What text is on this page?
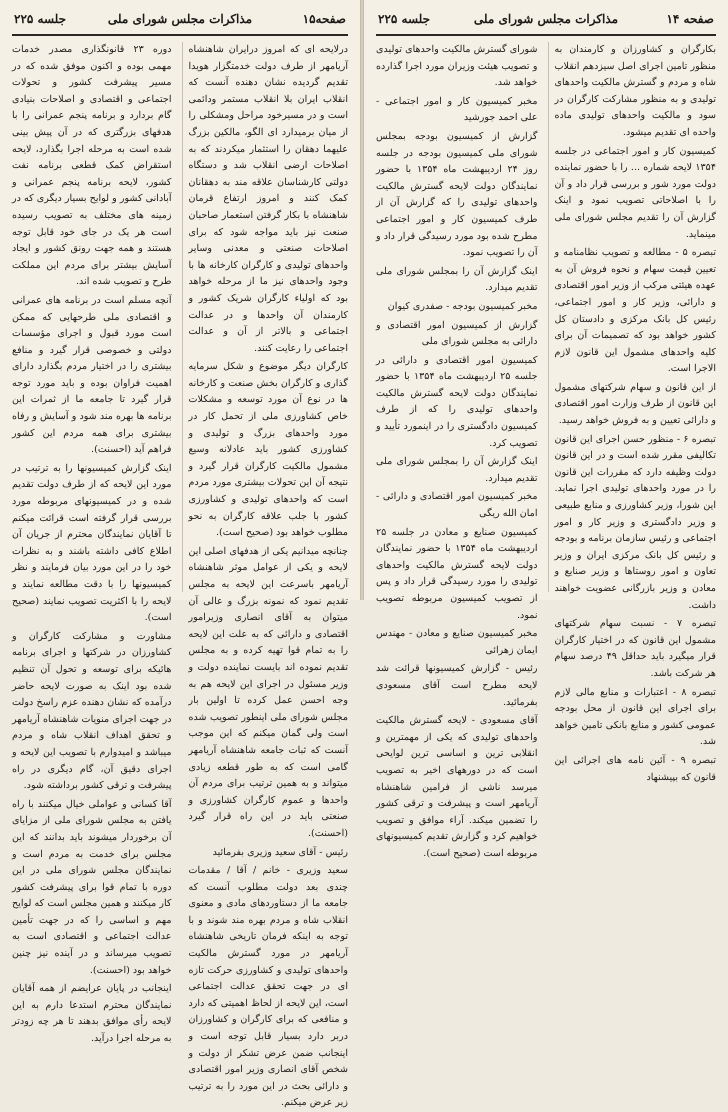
صفحه۱۵
مذاکرات مجلس شورای ملی
جلسه ۲۲۵

درلایحه ای که امروز درایران شاهنشاه آریامهر از طرف دولت خدمتگزار هویدا تقدیم گردیده نشان دهنده آنست که انقلاب ایران بلا انقلاب مستمر ودائمی است و در مسیرخود مراحل ومشکلی را از میان برمیدارد ای الگو، مالکین بزرگ علیهما دهقان را استثمار میکردند که به اصلاحات ارضی انقلاب شد و دستگاه دولتی کارشناسان علاقه مند به دهقانان کمک کنند و امروز ارتفاع قرمان شاهنشاه با بکار گرفتن استعمار صاحبان صنعت نیز باید مواجه شود که برای اصلاحات صنعتی و معدنی وسایر واحدهای تولیدی و کارگران کارخانه ها با وجود واحدهای نیز ما از مرحله خواهد بود که اولیاء کارگران شریک کشور و کارمندان آن واحدها و در عدالت اجتماعی و بالاتر از آن و عدالت اجتماعی را رعایت کنند.

کارگران دیگر موضوع و شکل سرمایه گذاری و کارگران بخش صنعت و کارخانه ها در نوع آن مورد توسعه و مشکلات خاص کشاورزی ملی از تحمل کار در مورد واحدهای بزرگ و تولیدی و کشاورزی کشور باید عادلانه وسیع مشمول مالکیت کارگران قرار گیرد و نتیجه آن این تحولات بیشتری مورد مردم است که واحدهای تولیدی و کشاورزی کشور با جلب علاقه کارگران به نحو مطلوب خواهد بود (صحیح است).

چنانچه میدانیم یکی از هدفهای اصلی این لایحه و یکی از عوامل موثر شاهنشاه آریامهر باسرعت این لایحه به مجلس تقدیم نمود که نمونه بزرگ و عالی آن میتوان به آقای انصاری وزیرامور اقتصادی و دارائی که به علت این لایحه را به تمام قوا تهیه کرده و به مجلس تقدیم نموده اند بایست نماینده دولت و وزیر مسئول در اجرای این لایحه هم به وجه احسن عمل کرده تا اولین بار مجلس شورای ملی اینطور تصویب شده است ولی گمان میکنم که این موجب آنست که ثبات جامعه شاهنشاه آریامهر گامی است که به طور قطعه زیادی میتواند و به همین ترتیب برای مردم آن واحدها و عموم کارگران کشاورزی و صنعتی باید در این راه قرار گیرد (احسنت).

رئیس - آقای سعید وزیری بفرمائید

سعید وزیری - خانم / آقا / مقدمات چندی بعد دولت مطلوب آنست که جامعه ما از دستاوردهای مادی و معنوی انقلاب شاه و مردم بهره مند شوند و با توجه به اینکه فرمان تاریخی شاهنشاه آریامهر در مورد گسترش مالکیت واحدهای تولیدی و کشاورزی حرکت تازه ای در جهت تحقق عدالت اجتماعی است، این لایحه از لحاظ اهمیتی که دارد و منافعی که برای کارگران و کشاورزان دربر دارد بسیار قابل توجه است و اینجانب ضمن عرض تشکر از دولت و شخص آقای انصاری وزیر امور اقتصادی و دارائی بحث در این مورد را به ترتیب زیر عرض میکنم.

دوره ۲۳ قانونگذاری مصدر خدمات مهمی بوده و اکنون موفق شده که در مسیر پیشرفت کشور و تحولات اجتماعی و اقتصادی و اصلاحات بنیادی گام بردارد و برنامه پنجم عمرانی را با هدفهای بزرگتری که در آن پیش بینی شده است به مرحله اجرا بگذارد، لایحه استقراض کمک قطعی برنامه نفت کشور، لایحه برنامه پنجم عمرانی و آبادانی کشور و لوایح بسیار دیگری که در زمینه های مختلف به تصویب رسیده است هر یک در جای خود قابل توجه هستند و همه جهت رونق کشور و ایجاد آسایش بیشتر برای مردم این مملکت طرح و تصویب شده اند.

آنچه مسلم است در برنامه های عمرانی و اقتصادی ملی طرحهایی که ممکن است مورد قبول و اجرای مؤسسات دولتی و خصوصی قرار گیرد و منافع بیشتری را در اختیار مردم بگذارد دارای اهمیت فراوان بوده و باید مورد توجه قرار گیرد تا جامعه ما از ثمرات این برنامه ها بهره مند شود و آسایش و رفاه بیشتری برای همه مردم این کشور فراهم آید (احسنت).

اینک گزارش کمیسیونها را به ترتیب در مورد این لایحه که از طرف دولت تقدیم شده و در کمیسیونهای مربوطه مورد بررسی قرار گرفته است قرائت میکنم تا آقایان نمایندگان محترم از جریان آن اطلاع کافی داشته باشند و به نظرات خود را در این مورد بیان فرمایند و نظر کمیسیونها را با دقت مطالعه نمایند و لایحه را با اکثریت تصویب نمایند (صحیح است).

مشاورت و مشارکت کارگران و کشاورزان در شرکتها و اجرای برنامه هائیکه برای توسعه و تحول آن تنظیم شده بود اینک به صورت لایحه حاضر درآمده که نشان دهنده عزم راسخ دولت در جهت اجرای منویات شاهنشاه آریامهر و تحقق اهداف انقلاب شاه و مردم میباشد و امیدوارم با تصویب این لایحه و اجرای دقیق آن، گام دیگری در راه پیشرفت و ترقی کشور برداشته شود.

آقا کسانی و عواملی خیال میکنند با راه یافتن به مجلس شورای ملی از مزایای آن برخوردار میشوند باید بدانند که این مجلس برای خدمت به مردم است و نمایندگان مجلس شورای ملی در این دوره با تمام قوا برای پیشرفت کشور کار میکنند و همین مجلس است که لوایح مهم و اساسی را که در جهت تأمین عدالت اجتماعی و اقتصادی است به تصویب میرساند و در آینده نیز چنین خواهد بود (احسنت).

اینجانب در پایان عرایضم از همه آقایان نمایندگان محترم استدعا دارم به این لایحه رأی موافق بدهند تا هر چه زودتر به مرحله اجرا درآید.

صفحه ۱۴
مذاکرات مجلس شورای ملی
جلسه ۲۲۵

بکارگران و کشاورزان و کارمندان به منظور تامین اجرای اصل سیزدهم انقلاب شاه و مردم و گسترش مالکیت واحدهای تولیدی و به منظور مشارکت کارگران در سود و مالکیت واحدهای تولیدی ماده واحده ای تقدیم میشود.

کمیسیون کار و امور اجتماعی در جلسه ۱۳۵۴ لایحه شماره ... را با حضور نماینده دولت مورد شور و بررسی قرار داد و آن را با اصلاحاتی تصویب نمود و اینک گزارش آن را تقدیم مجلس شورای ملی مینماید.

تبصره ۵ - مطالعه و تصویب نظامنامه و تعیین قیمت سهام و نحوه فروش آن به عهده هیئتی مرکب از وزیر امور اقتصادی و دارائی، وزیر کار و امور اجتماعی، رئیس کل بانک مرکزی و دادستان کل کشور خواهد بود که تصمیمات آن برای کلیه واحدهای مشمول این قانون لازم الاجرا است.

از این قانون و سهام شرکتهای مشمول این قانون از طرف وزارت امور اقتصادی و دارائی تعیین و به فروش خواهد رسید.

تبصره ۶ - منظور حسن اجرای این قانون تکالیفی مقرر شده است و در این قانون دولت وظیفه دارد که مقررات این قانون را در مورد واحدهای تولیدی اجرا نماید. این شورا، وزیر کشاورزی و منابع طبیعی و وزیر دادگستری و وزیر کار و امور اجتماعی و رئیس سازمان برنامه و بودجه و رئیس کل بانک مرکزی ایران و وزیر تعاون و امور روستاها و وزیر صنایع و معادن و وزیر بازرگانی عضویت خواهند داشت.

تبصره ۷ - نسبت سهام شرکتهای مشمول این قانون که در اختیار کارگران قرار میگیرد باید حداقل ۴۹ درصد سهام هر شرکت باشد.

تبصره ۸ - اعتبارات و منابع مالی لازم برای اجرای این قانون از محل بودجه عمومی کشور و منابع بانکی تامین خواهد شد.

تبصره ۹ - آئین نامه های اجرائی این قانون که بپیشنهاد

شورای گسترش مالکیت واحدهای تولیدی و تصویب هیئت وزیران مورد اجرا گذارده خواهد شد.

مخبر کمیسیون کار و امور اجتماعی - علی احمد جورشید

گزارش از کمیسیون بودجه بمجلس شورای ملی کمیسیون بودجه در جلسه روز ۲۴ اردیبهشت ماه ۱۳۵۴ با حضور نمایندگان دولت لایحه گسترش مالکیت واحدهای تولیدی را که گزارش آن از طرف کمیسیون کار و امور اجتماعی مطرح شده بود مورد رسیدگی قرار داد و آن را تصویب نمود.

اینک گزارش آن را بمجلس شورای ملی تقدیم میدارد.

مخبر کمیسیون بودجه - صفدری کیوان

گزارش از کمیسیون امور اقتصادی و دارائی به مجلس شورای ملی

کمیسیون امور اقتصادی و دارائی در جلسه ۲۵ اردیبهشت ماه ۱۳۵۴ با حضور نمایندگان دولت لایحه گسترش مالکیت واحدهای تولیدی را که از طرف کمیسیون دادگستری را در اینمورد تأیید و تصویب کرد.

اینک گزارش آن را بمجلس شورای ملی تقدیم میدارد.

مخبر کمیسیون امور اقتصادی و دارائی - امان الله ریگی

کمیسیون صنایع و معادن در جلسه ۲۵ اردیبهشت ماه ۱۳۵۴ با حضور نمایندگان دولت لایحه گسترش مالکیت واحدهای تولیدی را مورد رسیدگی قرار داد و پس از تصویب کمیسیون مربوطه تصویب نمود.

مخبر کمیسیون صنایع و معادن - مهندس ایمان زهرائی

رئیس - گزارش کمیسیونها قرائت شد لایحه مطرح است آقای مسعودی بفرمائید.

آقای مسعودی - لایحه گسترش مالکیت واحدهای تولیدی که یکی از مهمترین و انقلابی ترین و اساسی ترین لوایحی است که در دورههای اخیر به تصویب میرسد ناشی از فرامین شاهنشاه آریامهر است و پیشرفت و ترقی کشور را تضمین میکند. آراء موافق و تصویب خواهیم کرد و گزارش تقدیم کمیسیونهای مربوطه است (صحیح است).
